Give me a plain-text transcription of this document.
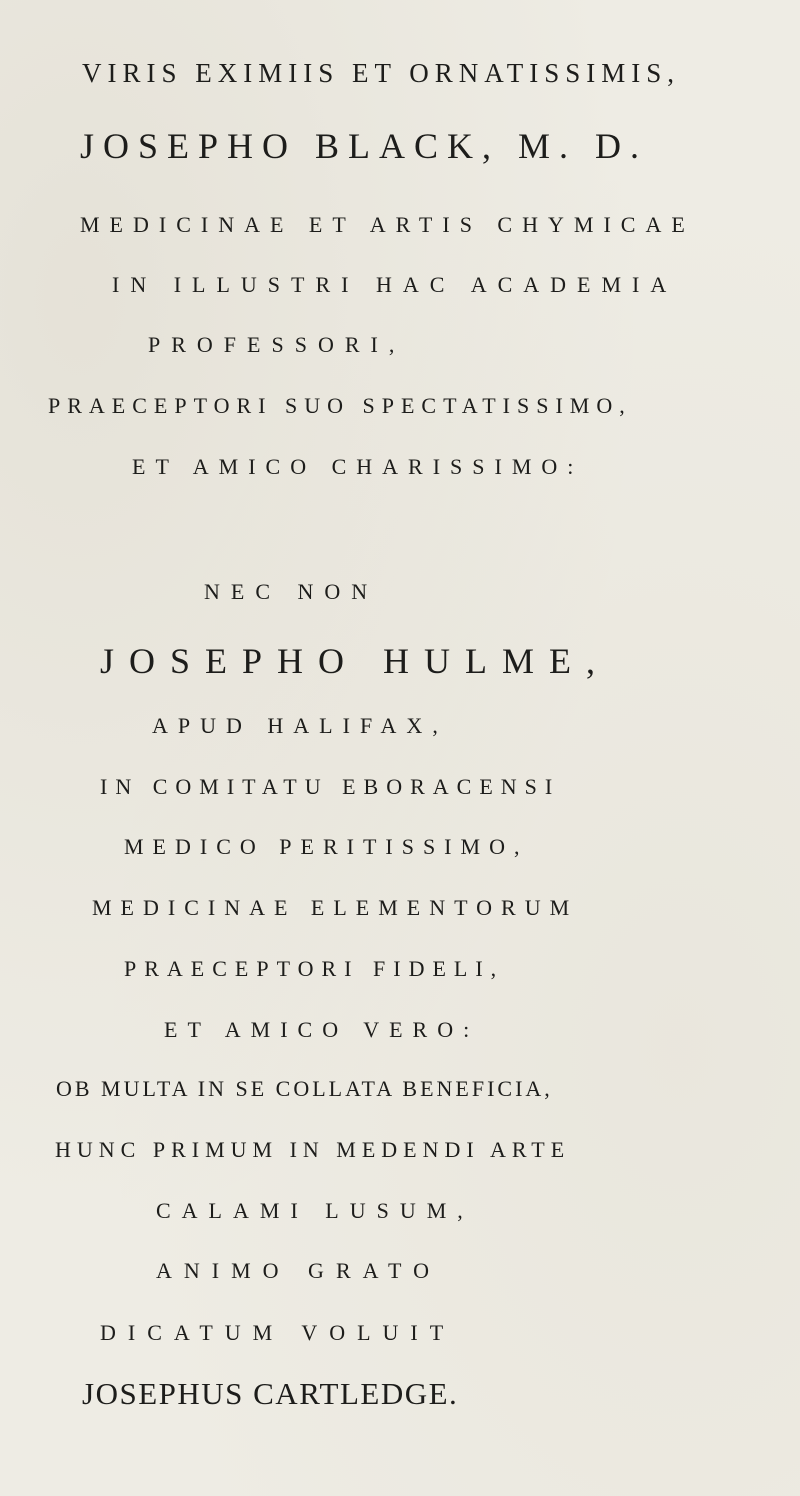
VIRIS EXIMIIS ET ORNATISSIMIS,
JOSEPHO BLACK, M. D.
MEDICINAE ET ARTIS CHYMICAE
IN ILLUSTRI HAC ACADEMIA
PROFESSORI,
PRAECEPTORI SUO SPECTATISSIMO,
ET AMICO CHARISSIMO:
NEC NON
JOSEPHO HULME,
APUD HALIFAX,
IN COMITATU EBORACENSI
MEDICO PERITISSIMO,
MEDICINAE ELEMENTORUM
PRAECEPTORI FIDELI,
ET AMICO VERO:
OB MULTA IN SE COLLATA BENEFICIA,
HUNC PRIMUM IN MEDENDI ARTE
CALAMI LUSUM,
ANIMO GRATO
DICATUM VOLUIT
JOSEPHUS CARTLEDGE.
